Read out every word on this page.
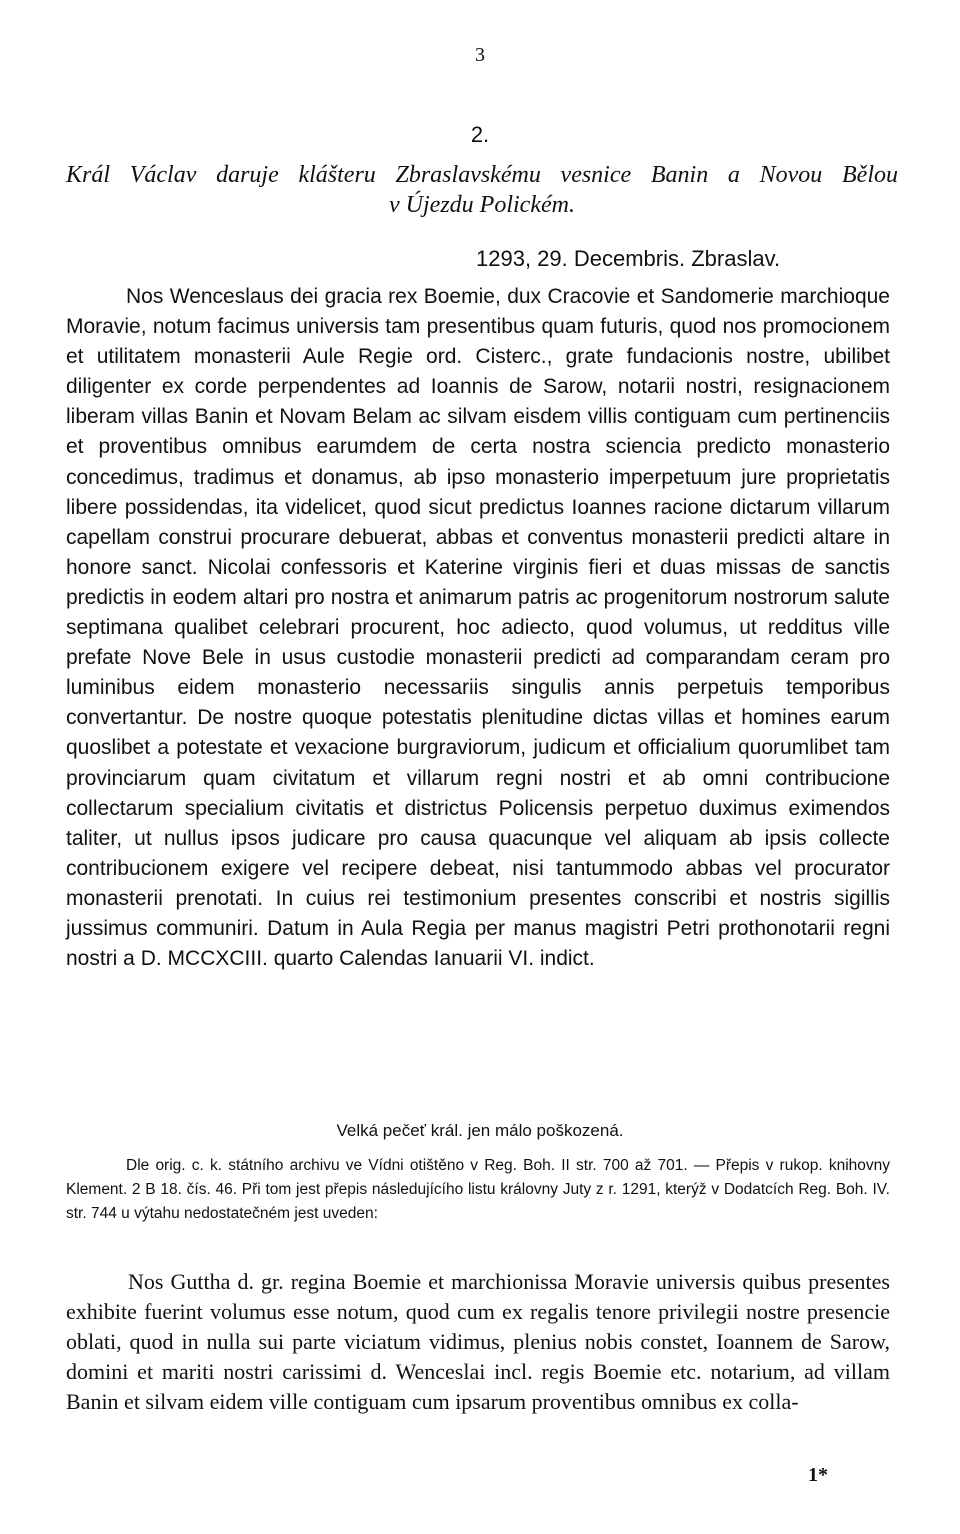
3
2.
Král Václav daruje klášteru Zbraslavskému vesnice Banin a Novou Bělou
v Újezdu Polickém.
1293, 29. Decembris. Zbraslav.

Nos Wenceslaus dei gracia rex Boemie, dux Cracovie et Sandomerie marchioque Moravie, notum facimus universis tam presentibus quam futuris, quod nos promocionem et utilitatem monasterii Aule Regie ord. Cisterc., grate fundacionis nostre, ubilibet diligenter ex corde perpendentes ad Ioannis de Sarow, notarii nostri, resignacionem liberam villas Banin et Novam Belam ac silvam eisdem villis contiguam cum pertinenciis et proventibus omnibus earumdem de certa nostra sciencia predicto monasterio concedimus, tradimus et donamus, ab ipso monasterio imperpetuum jure proprietatis libere possidendas, ita videlicet, quod sicut predictus Ioannes racione dictarum villarum capellam construi procurare debuerat, abbas et conventus monasterii predicti altare in honore sanct. Nicolai confessoris et Katerine virginis fieri et duas missas de sanctis predictis in eodem altari pro nostra et animarum patris ac progenitorum nostrorum salute septimana qualibet celebrari procurent, hoc adiecto, quod volumus, ut redditus ville prefate Nove Bele in usus custodie monasterii predicti ad comparandam ceram pro luminibus eidem monasterio necessariis singulis annis perpetuis temporibus convertantur. De nostre quoque potestatis plenitudine dictas villas et homines earum quoslibet a potestate et vexacione burgraviorum, judicum et officialium quorumlibet tam provinciarum quam civitatum et villarum regni nostri et ab omni contribucione collectarum specialium civitatis et districtus Policensis perpetuo duximus eximendos taliter, ut nullus ipsos judicare pro causa quacunque vel aliquam ab ipsis collecte contribucionem exigere vel recipere debeat, nisi tantummodo abbas vel procurator monasterii prenotati. In cuius rei testimonium presentes conscribi et nostris sigillis jussimus communiri. Datum in Aula Regia per manus magistri Petri prothonotarii regni nostri a D. MCCXCIII. quarto Calendas Ianuarii VI. indict.

Velká pečeť král. jen málo poškozená.

Dle orig. c. k. státního archivu ve Vídni otištěno v Reg. Boh. II str. 700 až 701. — Přepis v rukop. knihovny Klement. 2 B 18. čís. 46. Při tom jest přepis následujícího listu královny Juty z r. 1291, kterýž v Dodatcích Reg. Boh. IV. str. 744 u výtahu nedostatečném jest uveden:

Nos Guttha d. gr. regina Boemie et marchionissa Moravie universis quibus presentes exhibite fuerint volumus esse notum, quod cum ex regalis tenore privilegii nostre presencie oblati, quod in nulla sui parte viciatum vidimus, plenius nobis constet, Ioannem de Sarow, domini et mariti nostri carissimi d. Wenceslai incl. regis Boemie etc. notarium, ad villam Banin et silvam eidem ville contiguam cum ipsarum proventibus omnibus ex colla-

1*
